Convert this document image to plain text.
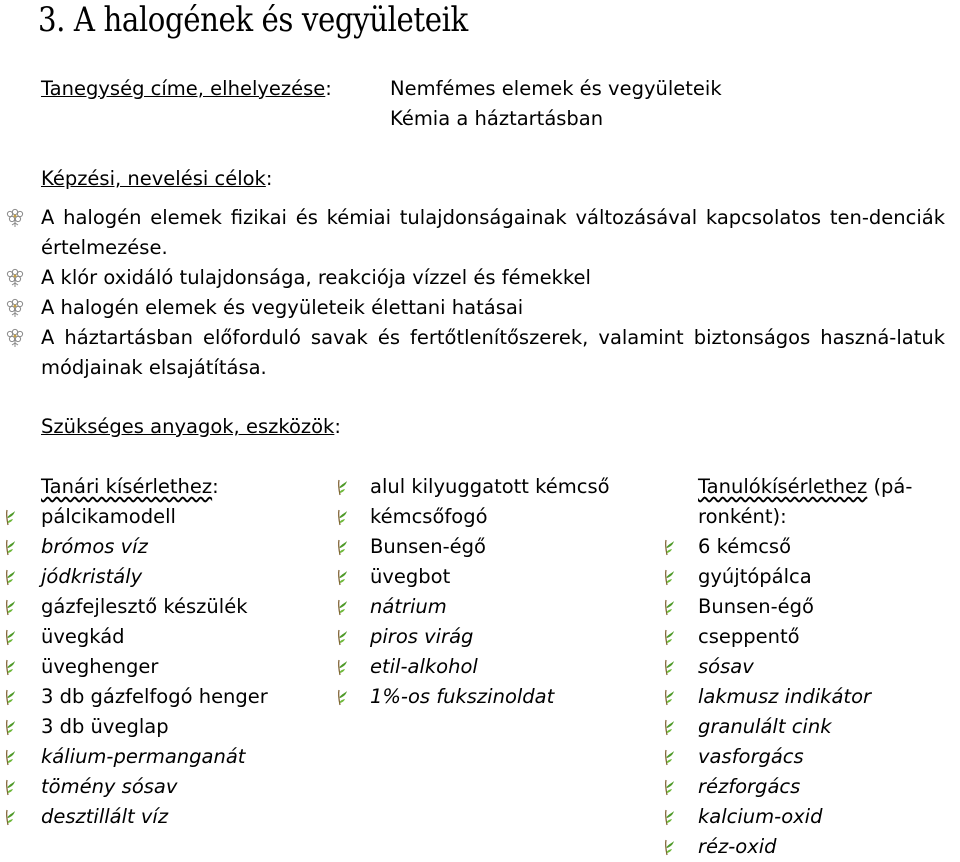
3. A halogének és vegyületeik
Tanegység címe, elhelyezése:	Nemfémes elemek és vegyületeik
Kémia a háztartásban
Képzési, nevelési célok:
A halogén elemek fizikai és kémiai tulajdonságainak változásával kapcsolatos ten-denciák értelmezése.
A klór oxidáló tulajdonsága, reakciója vízzel és fémekkel
A halogén elemek és vegyületeik élettani hatásai
A háztartásban előforduló savak és fertőtlenítőszerek, valamint biztonságos haszná-latuk módjainak elsajátítása.
Szükséges anyagok, eszközök:
Tanári kísérlethez:
pálcikamodell
brómos víz
jódkristály
gázfejlesztő készülék
üvegkád
üveghenger
3 db gázfelfogó henger
3 db üveglap
kálium-permanganát
tömény sósav
desztillált víz
alul kilyuggatott kémcső
kémcsőfogó
Bunsen-égő
üvegbot
nátrium
piros virág
etil-alkohol
1%-os fukszinoldat
Tanulókísérlethez (pá-
ronként):
6 kémcső
gyújtópálca
Bunsen-égő
cseppentő
sósav
lakmusz indikátor
granulált cink
vasforgács
rézforgács
kalcium-oxid
réz-oxid
